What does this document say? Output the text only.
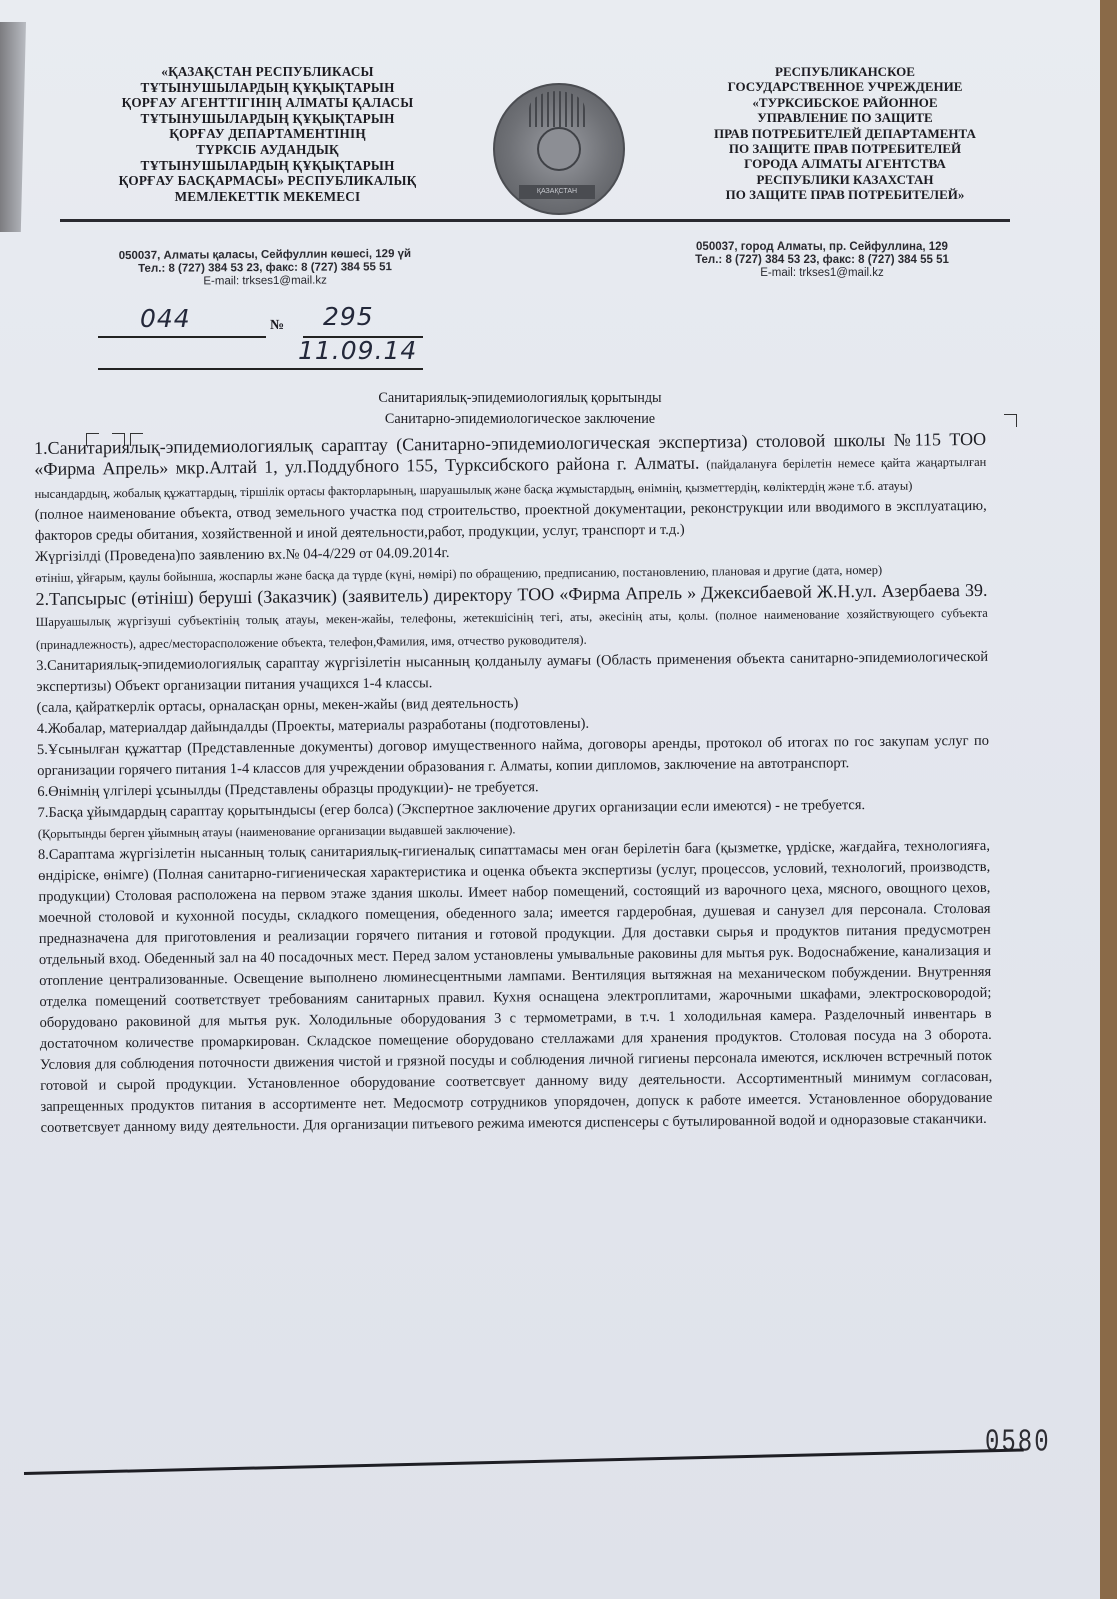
«ҚАЗАҚСТАН РЕСПУБЛИКАСЫ
ТҰТЫНУШЫЛАРДЫҢ ҚҰҚЫҚТАРЫН
ҚОРҒАУ АГЕНТТІГІНІҢ АЛМАТЫ ҚАЛАСЫ
ТҰТЫНУШЫЛАРДЫҢ ҚҰҚЫҚТАРЫН
ҚОРҒАУ ДЕПАРТАМЕНТІНІҢ
ТҮРКСІБ АУДАНДЫҚ
ТҰТЫНУШЫЛАРДЫҢ ҚҰҚЫҚТАРЫН
ҚОРҒАУ БАСҚАРМАСЫ» РЕСПУБЛИКАЛЫҚ
МЕМЛЕКЕТТІК МЕКЕМЕСІ	ҚАЗАҚСТАН
РЕСПУБЛИКАНСКОЕ
ГОСУДАРСТВЕННОЕ УЧРЕЖДЕНИЕ
«ТУРКСИБСКОЕ РАЙОННОЕ
УПРАВЛЕНИЕ ПО ЗАЩИТЕ
ПРАВ ПОТРЕБИТЕЛЕЙ ДЕПАРТАМЕНТА
ПО ЗАЩИТЕ ПРАВ ПОТРЕБИТЕЛЕЙ
ГОРОДА АЛМАТЫ АГЕНТСТВА
РЕСПУБЛИКИ КАЗАХСТАН
ПО ЗАЩИТЕ ПРАВ ПОТРЕБИТЕЛЕЙ»
050037, Алматы қаласы, Сейфуллин көшесі, 129 үй
Тел.: 8 (727) 384 53 23, факс: 8 (727) 384 55 51
E-mail: trkses1@mail.kz
050037, город Алматы, пр. Сейфуллина, 129
Тел.: 8 (727) 384 53 23, факс: 8 (727) 384 55 51
E-mail: trkses1@mail.kz
044	№ 295
11.09.14
Санитариялық-эпидемиологиялық қорытынды
Санитарно-эпидемиологическое заключение

1.Санитариялық-эпидемиологиялық сараптау (Санитарно-эпидемиологическая экспертиза) столовой школы №115 ТОО «Фирма Апрель» мкр.Алтай 1, ул.Поддубного 155, Турксибского района г. Алматы. (пайдалануға берілетін немесе қайта жаңартылған нысандардың, жобалық құжаттардың, тіршілік ортасы факторларының, шаруашылық және басқа жұмыстардың, өнімнің, қызметтердің, көліктердің және т.б. атауы)

(полное наименование объекта, отвод земельного участка под строительство, проектной документации, реконструкции или вводимого в эксплуатацию, факторов среды обитания, хозяйственной и иной деятельности,работ, продукции, услуг, транспорт и т.д.)

Жүргізілді (Проведена)по заявлению вх.№ 04-4/229 от 04.09.2014г.

өтініш, ұйғарым, қаулы бойынша, жоспарлы және басқа да түрде (күні, нөмірі) по обращению, предписанию, постановлению, плановая и другие (дата, номер)

2.Тапсырыс (өтініш) беруші (Заказчик) (заявитель) директору ТОО «Фирма Апрель » Джексибаевой Ж.Н.ул. Азербаева 39. Шаруашылық жүргізуші субъектінің толық атауы, мекен-жайы, телефоны, жетекшісінің тегі, аты, әкесінің аты, қолы. (полное наименование хозяйствующего субъекта (принадлежность), адрес/месторасположение объекта, телефон,Фамилия, имя, отчество руководителя).

3.Санитариялық-эпидемиологиялық сараптау жүргізілетін нысанның қолданылу аумағы (Область применения объекта санитарно-эпидемиологической экспертизы) Объект организации питания учащихся 1-4 классы.

(сала, қайраткерлік ортасы, орналасқан орны, мекен-жайы (вид деятельность)

4.Жобалар, материалдар дайындалды (Проекты, материалы разработаны (подготовлены).

5.Ұсынылған құжаттар (Представленные документы) договор имущественного найма, договоры аренды, протокол об итогах по гос закупам услуг по организации горячего питания 1-4 классов для учреждении образования г. Алматы, копии дипломов, заключение на автотранспорт.

6.Өнімнің үлгілері ұсынылды (Представлены образцы продукции)- не требуется.

7.Басқа ұйымдардың сараптау қорытындысы (егер болса) (Экспертное заключение других организации если имеются) - не требуется.

(Қорытынды берген ұйымның атауы (наименование организации выдавшей заключение).

8.Сараптама жүргізілетін нысанның толық санитариялық-гигиеналық сипаттамасы мен оған берілетін баға (қызметке, үрдіске, жағдайға, технологияға, өндіріске, өнімге) (Полная санитарно-гигиеническая характеристика и оценка объекта экспертизы (услуг, процессов, условий, технологий, производств, продукции) Столовая расположена на первом этаже здания школы. Имеет набор помещений, состоящий из варочного цеха, мясного, овощного цехов, моечной столовой и кухонной посуды, складкого помещения, обеденного зала; имеется гардеробная, душевая и санузел для персонала. Столовая предназначена для приготовления и реализации горячего питания и готовой продукции. Для доставки сырья и продуктов питания предусмотрен отдельный вход. Обеденный зал на 40 посадочных мест. Перед залом установлены умывальные раковины для мытья рук. Водоснабжение, канализация и отопление централизованные. Освещение выполнено люминесцентными лампами. Вентиляция вытяжная на механическом побуждении. Внутренняя отделка помещений соответствует требованиям санитарных правил. Кухня оснащена электроплитами, жарочными шкафами, электросковородой; оборудовано раковиной для мытья рук. Холодильные оборудования 3 с термометрами, в т.ч. 1 холодильная камера. Разделочный инвентарь в достаточном количестве промаркирован. Складское помещение оборудовано стеллажами для хранения продуктов. Столовая посуда на 3 оборота. Условия для соблюдения поточности движения чистой и грязной посуды и соблюдения личной гигиены персонала имеются, исключен встречный поток готовой и сырой продукции. Установленное оборудование соответсвует данному виду деятельности. Ассортиментный минимум согласован, запрещенных продуктов питания в ассортименте нет. Медосмотр сотрудников упорядочен, допуск к работе имеется. Установленное оборудование соответсвует данному виду деятельности. Для организации питьевого режима имеются диспенсеры с бутылированной водой и одноразовые стаканчики.

0580
